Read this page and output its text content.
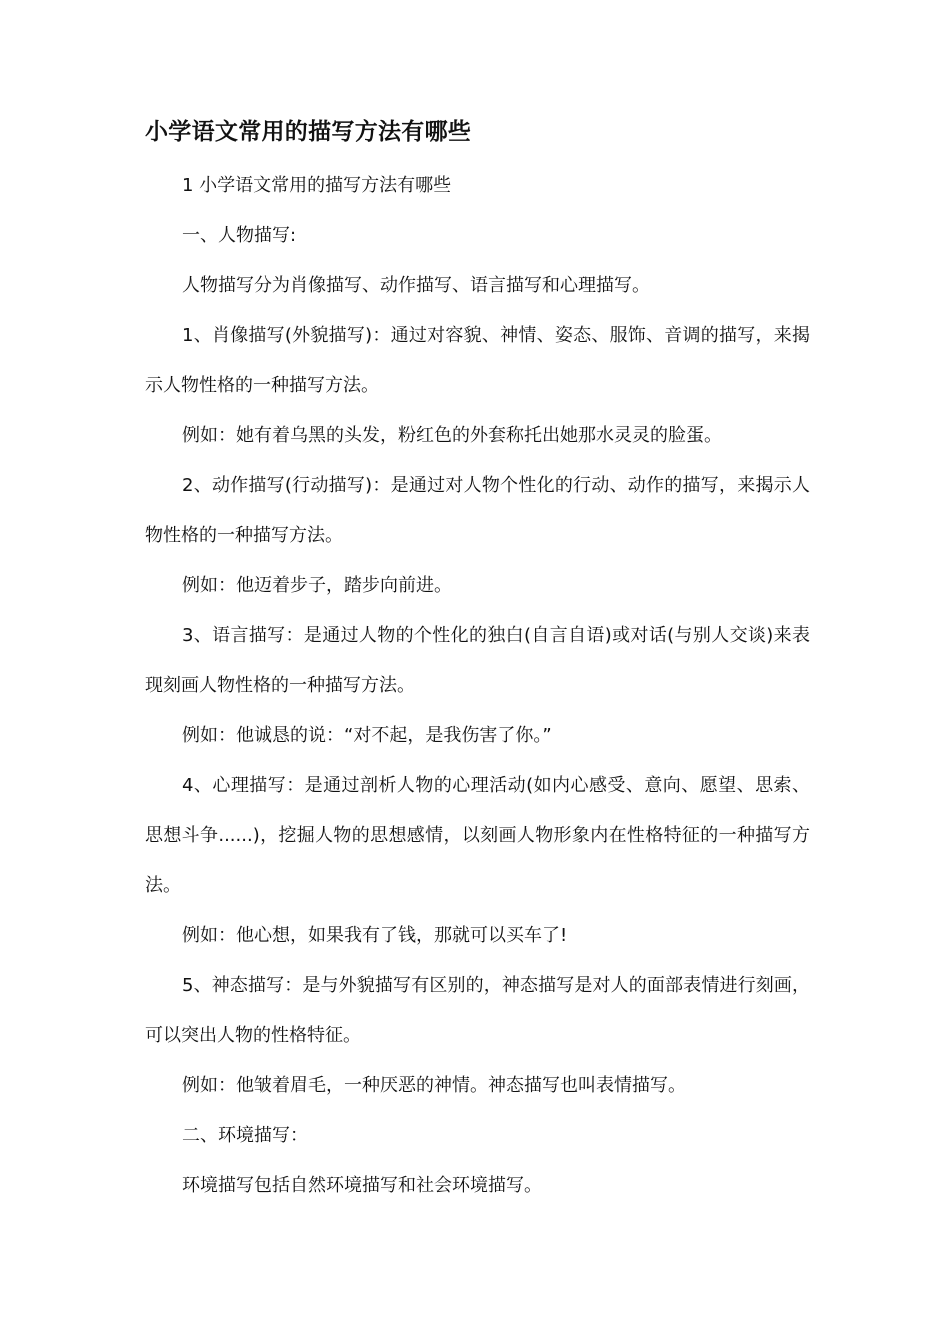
小学语文常用的描写方法有哪些

1 小学语文常用的描写方法有哪些

一、人物描写:

人物描写分为肖像描写、动作描写、语言描写和心理描写。

1、肖像描写(外貌描写)：通过对容貌、神情、姿态、服饰、音调的描写，来揭示人物性格的一种描写方法。

例如：她有着乌黑的头发，粉红色的外套称托出她那水灵灵的脸蛋。

2、动作描写(行动描写)：是通过对人物个性化的行动、动作的描写，来揭示人物性格的一种描写方法。

例如：他迈着步子，踏步向前进。

3、语言描写：是通过人物的个性化的独白(自言自语)或对话(与别人交谈)来表现刻画人物性格的一种描写方法。

例如：他诚恳的说：“对不起，是我伤害了你。”

4、心理描写：是通过剖析人物的心理活动(如内心感受、意向、愿望、思索、思想斗争......)，挖掘人物的思想感情，以刻画人物形象内在性格特征的一种描写方法。

例如：他心想，如果我有了钱，那就可以买车了!

5、神态描写：是与外貌描写有区别的，神态描写是对人的面部表情进行刻画，可以突出人物的性格特征。

例如：他皱着眉毛，一种厌恶的神情。神态描写也叫表情描写。

二、环境描写：

环境描写包括自然环境描写和社会环境描写。
